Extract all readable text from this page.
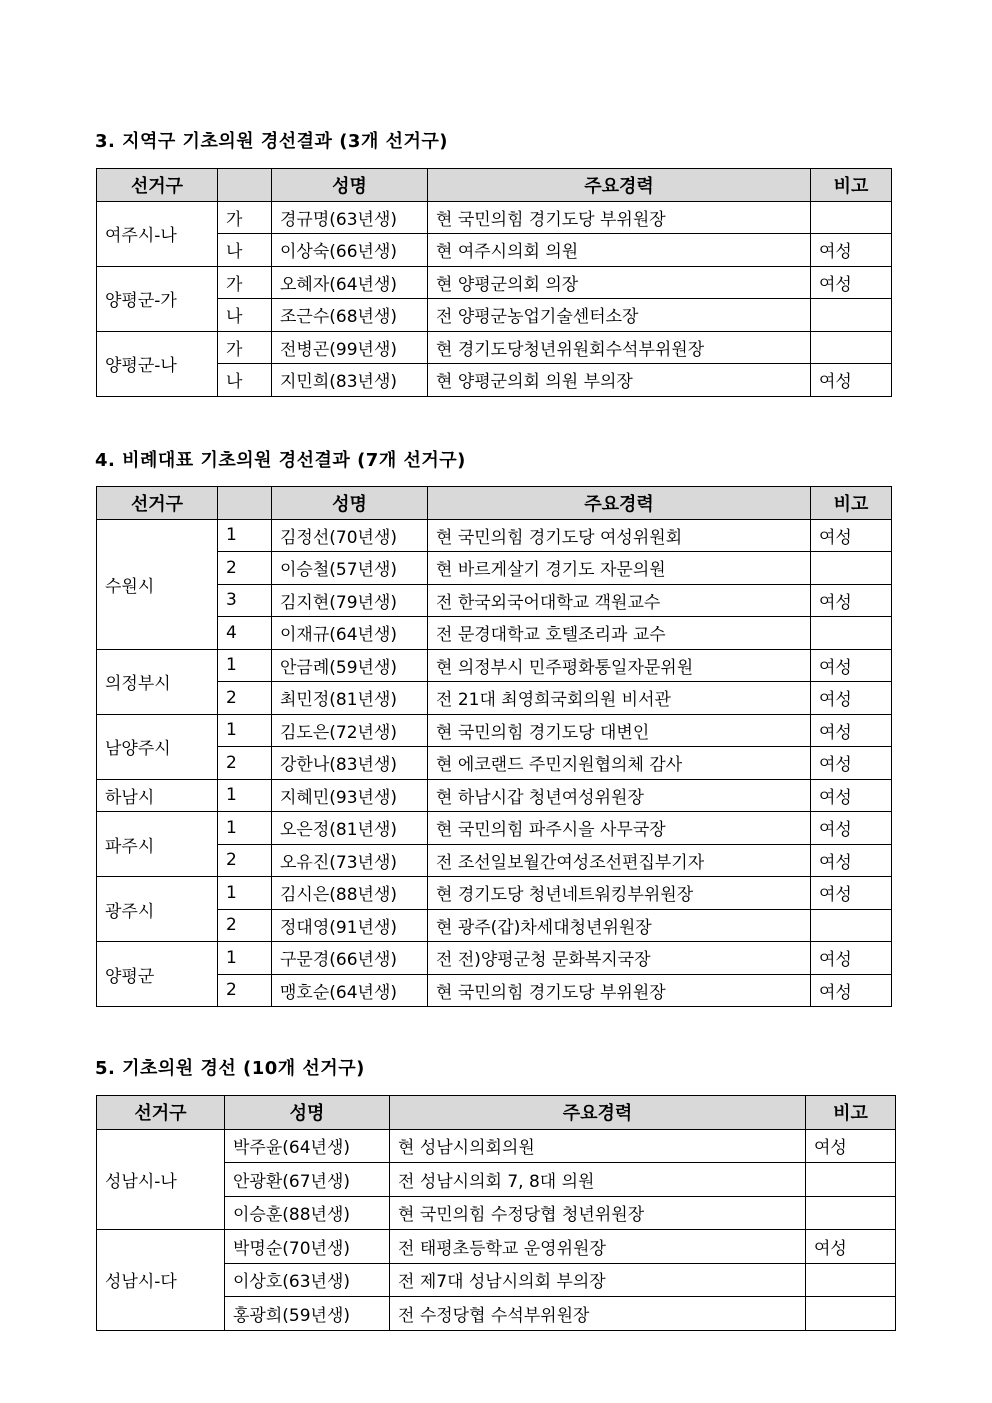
3. 지역구 기초의원 경선결과 (3개 선거구)
선거구		성명	주요경력	비고
여주시-나	가	경규명(63년생)	현 국민의힘 경기도당 부위원장	
	나	이상숙(66년생)	현 여주시의회 의원	여성
양평군-가	가	오혜자(64년생)	현 양평군의회 의장	여성
	나	조근수(68년생)	전 양평군농업기술센터소장	
양평군-나	가	전병곤(99년생)	현 경기도당청년위원회수석부위원장	
	나	지민희(83년생)	현 양평군의회 의원 부의장	여성
4. 비례대표 기초의원 경선결과 (7개 선거구)
선거구		성명	주요경력	비고
수원시	1	김정선(70년생)	현 국민의힘 경기도당 여성위원회	여성
	2	이승철(57년생)	현 바르게살기 경기도 자문의원	
	3	김지현(79년생)	전 한국외국어대학교 객원교수	여성
	4	이재규(64년생)	전 문경대학교 호텔조리과 교수	
의정부시	1	안금례(59년생)	현 의정부시 민주평화통일자문위원	여성
	2	최민정(81년생)	전 21대 최영희국회의원 비서관	여성
남양주시	1	김도은(72년생)	현 국민의힘 경기도당 대변인	여성
	2	강한나(83년생)	현 에코랜드 주민지원협의체 감사	여성
하남시	1	지혜민(93년생)	현 하남시갑 청년여성위원장	여성
파주시	1	오은정(81년생)	현 국민의힘 파주시을 사무국장	여성
	2	오유진(73년생)	전 조선일보월간여성조선편집부기자	여성
광주시	1	김시은(88년생)	현 경기도당 청년네트워킹부위원장	여성
	2	정대영(91년생)	현 광주(갑)차세대청년위원장	
양평군	1	구문경(66년생)	전 전)양평군청 문화복지국장	여성
	2	맹호순(64년생)	현 국민의힘 경기도당 부위원장	여성
5. 기초의원 경선 (10개 선거구)
선거구	성명	주요경력	비고
성남시-나	박주윤(64년생)	현 성남시의회의원	여성
	안광환(67년생)	전 성남시의회 7, 8대 의원	
	이승훈(88년생)	현 국민의힘 수정당협 청년위원장	
성남시-다	박명순(70년생)	전 태평초등학교 운영위원장	여성
	이상호(63년생)	전 제7대 성남시의회 부의장	
	홍광희(59년생)	전 수정당협 수석부위원장	
